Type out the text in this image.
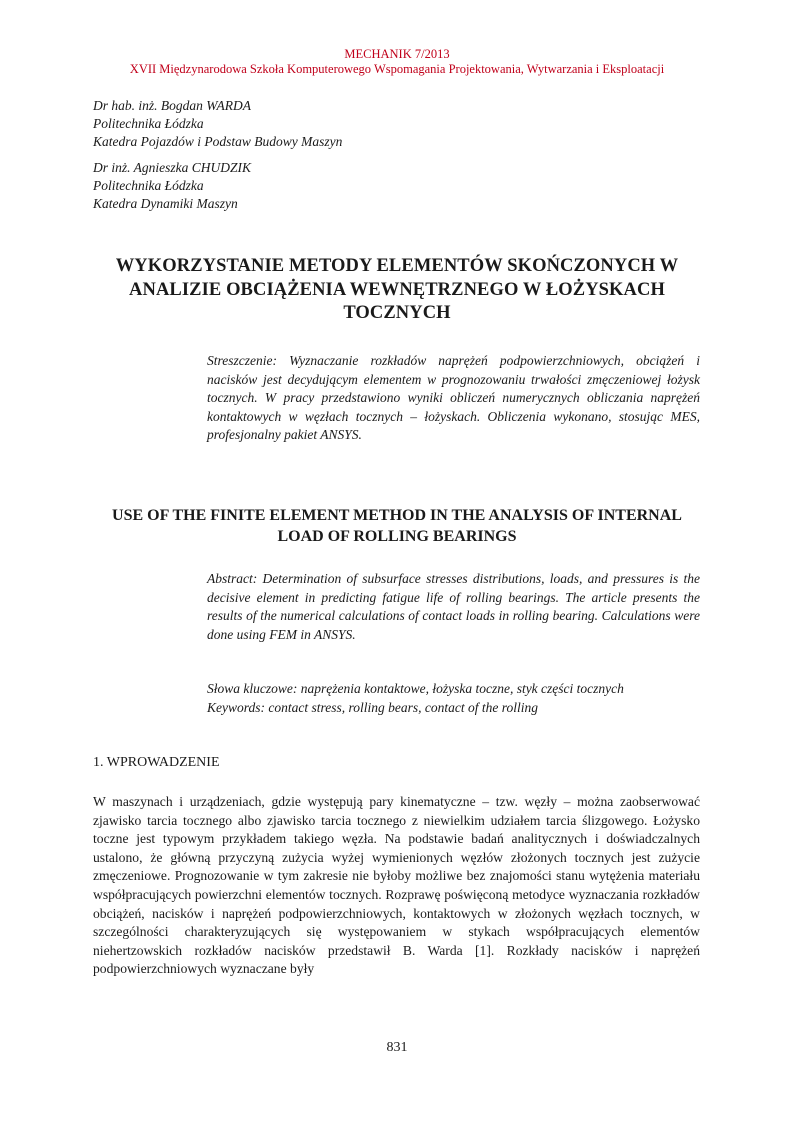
MECHANIK 7/2013
XVII Międzynarodowa Szkoła Komputerowego Wspomagania Projektowania, Wytwarzania i Eksploatacji
Dr hab. inż. Bogdan WARDA
Politechnika Łódzka
Katedra Pojazdów i Podstaw Budowy Maszyn
Dr inż. Agnieszka CHUDZIK
Politechnika Łódzka
Katedra Dynamiki Maszyn
WYKORZYSTANIE METODY ELEMENTÓW SKOŃCZONYCH W ANALIZIE OBCIĄŻENIA WEWNĘTRZNEGO W ŁOŻYSKACH TOCZNYCH

Streszczenie: Wyznaczanie rozkładów naprężeń podpowierzchniowych, obciążeń i nacisków jest decydującym elementem w prognozowaniu trwałości zmęczeniowej łożysk tocznych. W pracy przedstawiono wyniki obliczeń numerycznych obliczania naprężeń kontaktowych w węzłach tocznych – łożyskach. Obliczenia wykonano, stosując MES, profesjonalny pakiet ANSYS.

USE OF THE FINITE ELEMENT METHOD IN THE ANALYSIS OF INTERNAL LOAD OF ROLLING BEARINGS

Abstract: Determination of subsurface stresses distributions, loads, and pressures is the decisive element in predicting fatigue life of rolling bearings. The article presents the results of the numerical calculations of contact loads in rolling bearing. Calculations were done using FEM in ANSYS.

Słowa kluczowe: naprężenia kontaktowe, łożyska toczne, styk części tocznych

Keywords: contact stress, rolling bears, contact of the rolling

1. WPROWADZENIE

W maszynach i urządzeniach, gdzie występują pary kinematyczne – tzw. węzły – można zaobserwować zjawisko tarcia tocznego albo zjawisko tarcia tocznego z niewielkim udziałem tarcia ślizgowego. Łożysko toczne jest typowym przykładem takiego węzła. Na podstawie badań analitycznych i doświadczalnych ustalono, że główną przyczyną zużycia wyżej wymienionych węzłów złożonych tocznych jest zużycie zmęczeniowe. Prognozowanie w tym zakresie nie byłoby możliwe bez znajomości stanu wytężenia materiału współpracujących powierzchni elementów tocznych. Rozprawę poświęconą metodyce wyznaczania rozkładów obciążeń, nacisków i naprężeń podpowierzchniowych, kontaktowych w złożonych węzłach tocznych, w szczególności charakteryzujących się występowaniem w stykach współpracujących elementów niehertzowskich rozkładów nacisków przedstawił B. Warda [1]. Rozkłady nacisków i naprężeń podpowierzchniowych wyznaczane były

831
